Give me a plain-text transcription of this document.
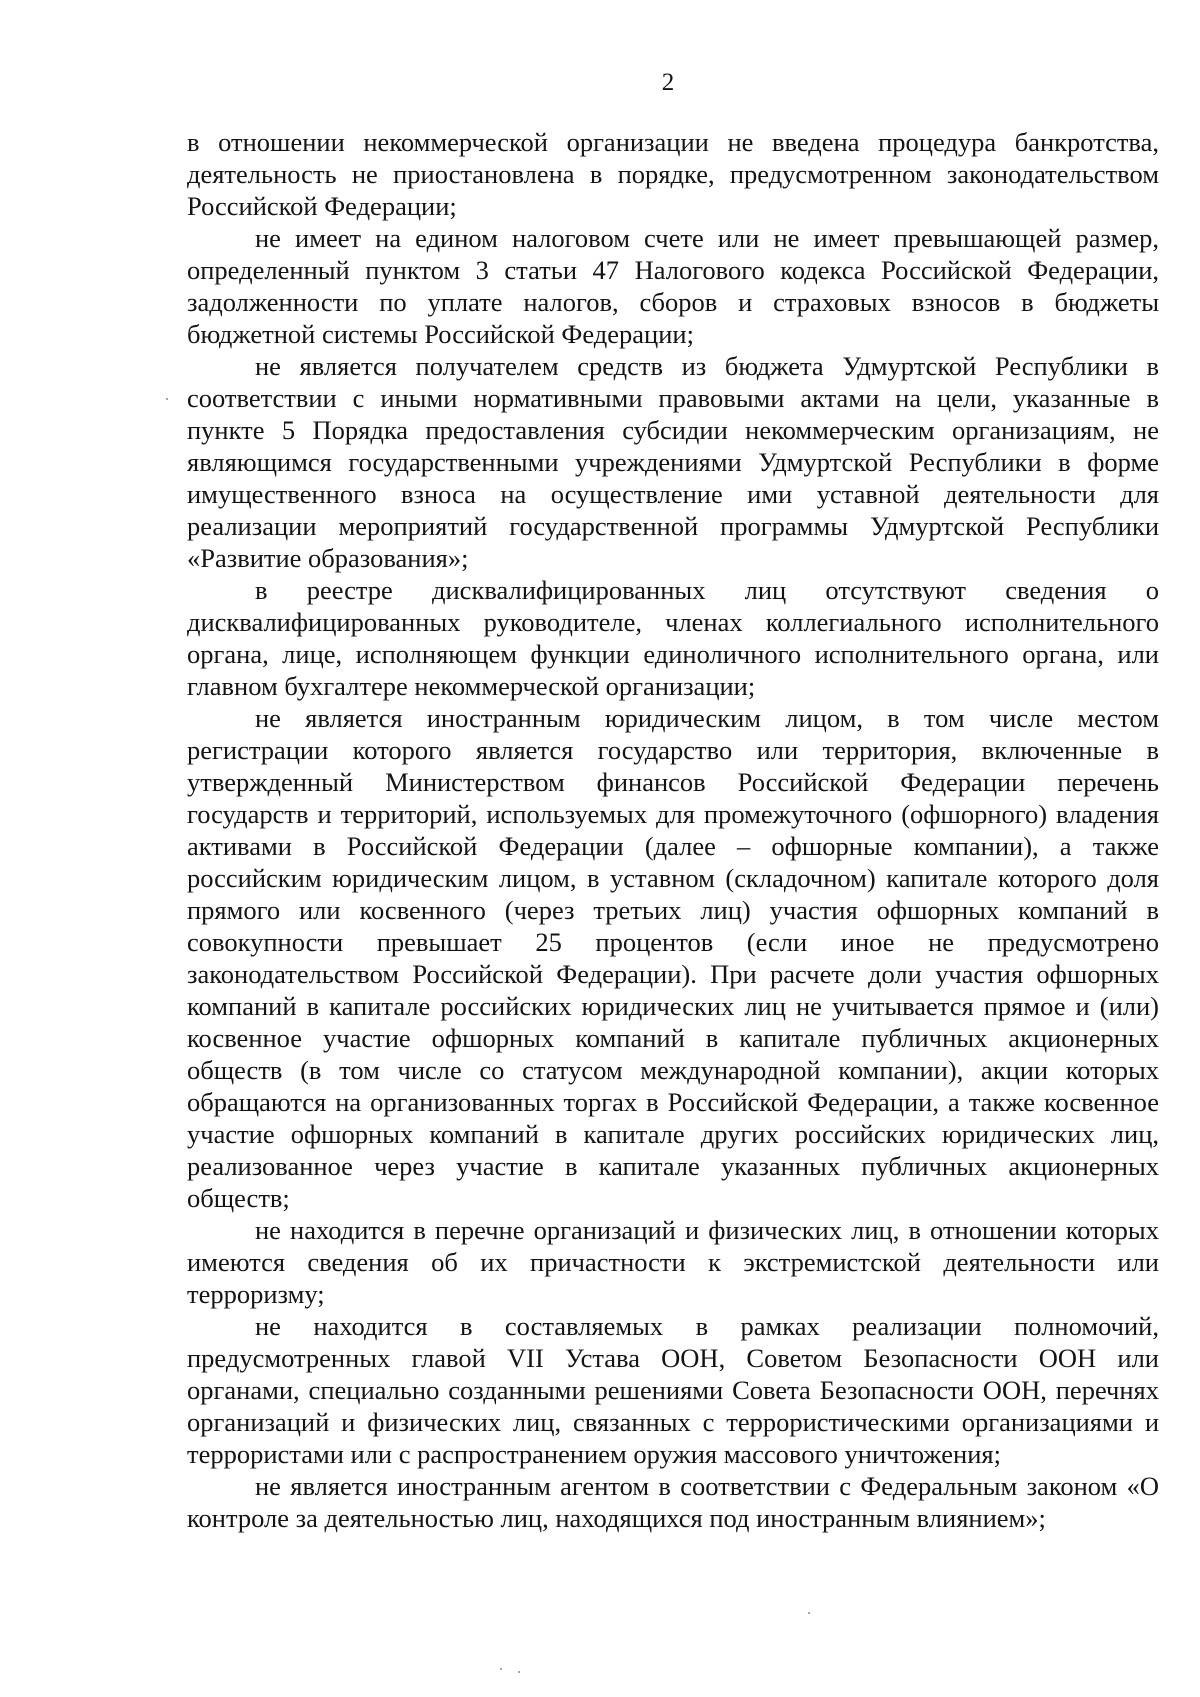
2

в отношении некоммерческой организации не введена процедура банкротства, деятельность не приостановлена в порядке, предусмотренном законодательством Российской Федерации;

не имеет на едином налоговом счете или не имеет превышающей размер, определенный пунктом 3 статьи 47 Налогового кодекса Российской Федерации, задолженности по уплате налогов, сборов и страховых взносов в бюджеты бюджетной системы Российской Федерации;

не является получателем средств из бюджета Удмуртской Республики в соответствии с иными нормативными правовыми актами на цели, указанные в пункте 5 Порядка предоставления субсидии некоммерческим организациям, не являющимся государственными учреждениями Удмуртской Республики в форме имущественного взноса на осуществление ими уставной деятельности для реализации мероприятий государственной программы Удмуртской Республики «Развитие образования»;

в реестре дисквалифицированных лиц отсутствуют сведения о дисквалифицированных руководителе, членах коллегиального исполнительного органа, лице, исполняющем функции единоличного исполнительного органа, или главном бухгалтере некоммерческой организации;

не является иностранным юридическим лицом, в том числе местом регистрации которого является государство или территория, включенные в утвержденный Министерством финансов Российской Федерации перечень государств и территорий, используемых для промежуточного (офшорного) владения активами в Российской Федерации (далее – офшорные компании), а также российским юридическим лицом, в уставном (складочном) капитале которого доля прямого или косвенного (через третьих лиц) участия офшорных компаний в совокупности превышает 25 процентов (если иное не предусмотрено законодательством Российской Федерации). При расчете доли участия офшорных компаний в капитале российских юридических лиц не учитывается прямое и (или) косвенное участие офшорных компаний в капитале публичных акционерных обществ (в том числе со статусом международной компании), акции которых обращаются на организованных торгах в Российской Федерации, а также косвенное участие офшорных компаний в капитале других российских юридических лиц, реализованное через участие в капитале указанных публичных акционерных обществ;

не находится в перечне организаций и физических лиц, в отношении которых имеются сведения об их причастности к экстремистской деятельности или терроризму;

не находится в составляемых в рамках реализации полномочий, предусмотренных главой VII Устава ООН, Советом Безопасности ООН или органами, специально созданными решениями Совета Безопасности ООН, перечнях организаций и физических лиц, связанных с террористическими организациями и террористами или с распространением оружия массового уничтожения;

не является иностранным агентом в соответствии с Федеральным законом «О контроле за деятельностью лиц, находящихся под иностранным влиянием»;
